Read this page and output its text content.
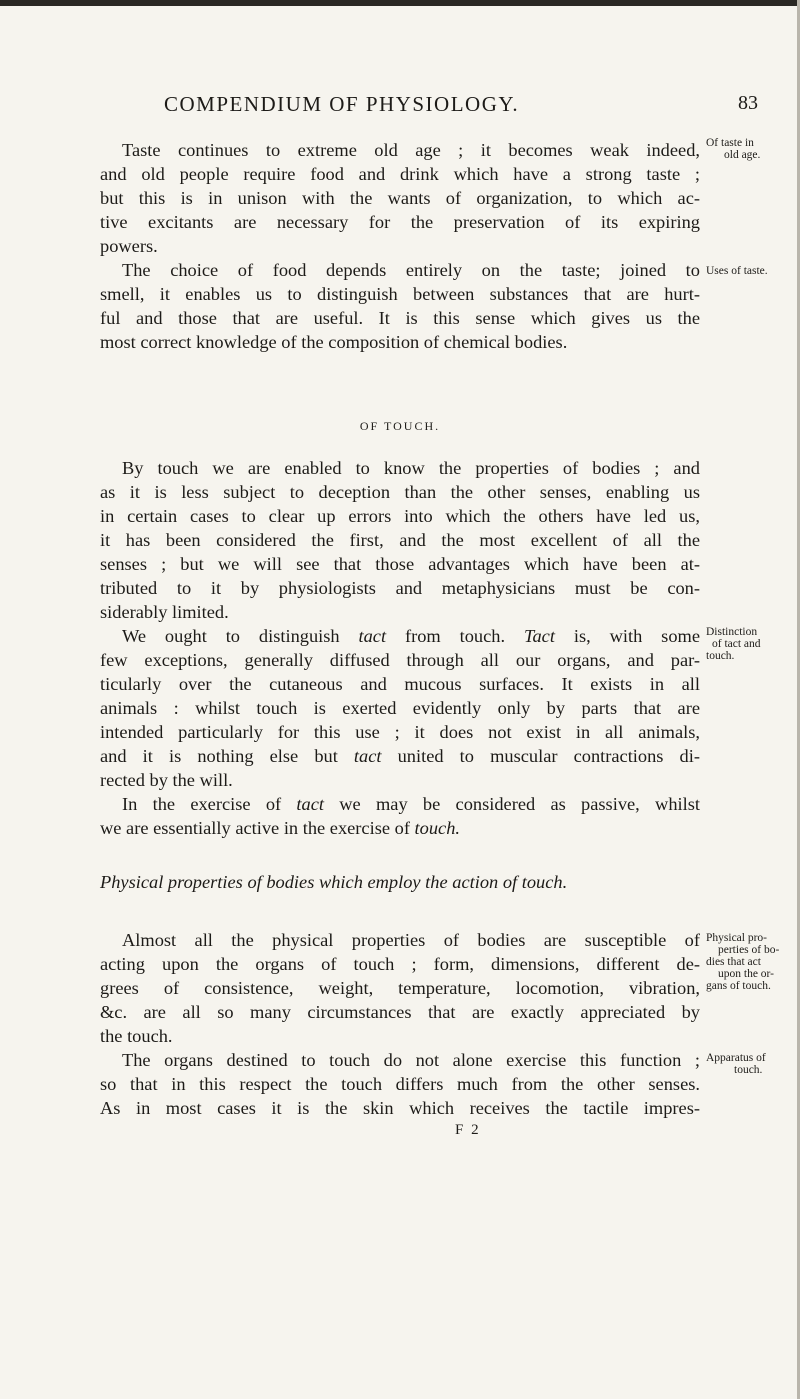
COMPENDIUM OF PHYSIOLOGY.	83
Taste continues to extreme old age ; it becomes weak indeed,
and old people require food and drink which have a strong taste ;
but this is in unison with the wants of organization, to which ac-
tive excitants are necessary for the preservation of its expiring
powers.
Of taste in
old age.
The choice of food depends entirely on the taste; joined to
smell, it enables us to distinguish between substances that are hurt-
ful and those that are useful. It is this sense which gives us the
most correct knowledge of the composition of chemical bodies.
Uses of taste.
OF TOUCH.
By touch we are enabled to know the properties of bodies ; and
as it is less subject to deception than the other senses, enabling us
in certain cases to clear up errors into which the others have led us,
it has been considered the first, and the most excellent of all the
senses ; but we will see that those advantages which have been at-
tributed to it by physiologists and metaphysicians must be con-
siderably limited.
We ought to distinguish tact from touch. Tact is, with some
few exceptions, generally diffused through all our organs, and par-
ticularly over the cutaneous and mucous surfaces. It exists in all
animals : whilst touch is exerted evidently only by parts that are
intended particularly for this use ; it does not exist in all animals,
and it is nothing else but tact united to muscular contractions di-
rected by the will.
Distinction
of tact and
touch.
In the exercise of tact we may be considered as passive, whilst
we are essentially active in the exercise of touch.
Physical properties of bodies which employ the action of touch.
Almost all the physical properties of bodies are susceptible of
acting upon the organs of touch ; form, dimensions, different de-
grees of consistence, weight, temperature, locomotion, vibration,
&c. are all so many circumstances that are exactly appreciated by
the touch.
Physical pro-
perties of bo-
dies that act
upon the or-
gans of touch.
The organs destined to touch do not alone exercise this function ;
so that in this respect the touch differs much from the other senses.
As in most cases it is the skin which receives the tactile impres-
Apparatus of
touch.
F 2
